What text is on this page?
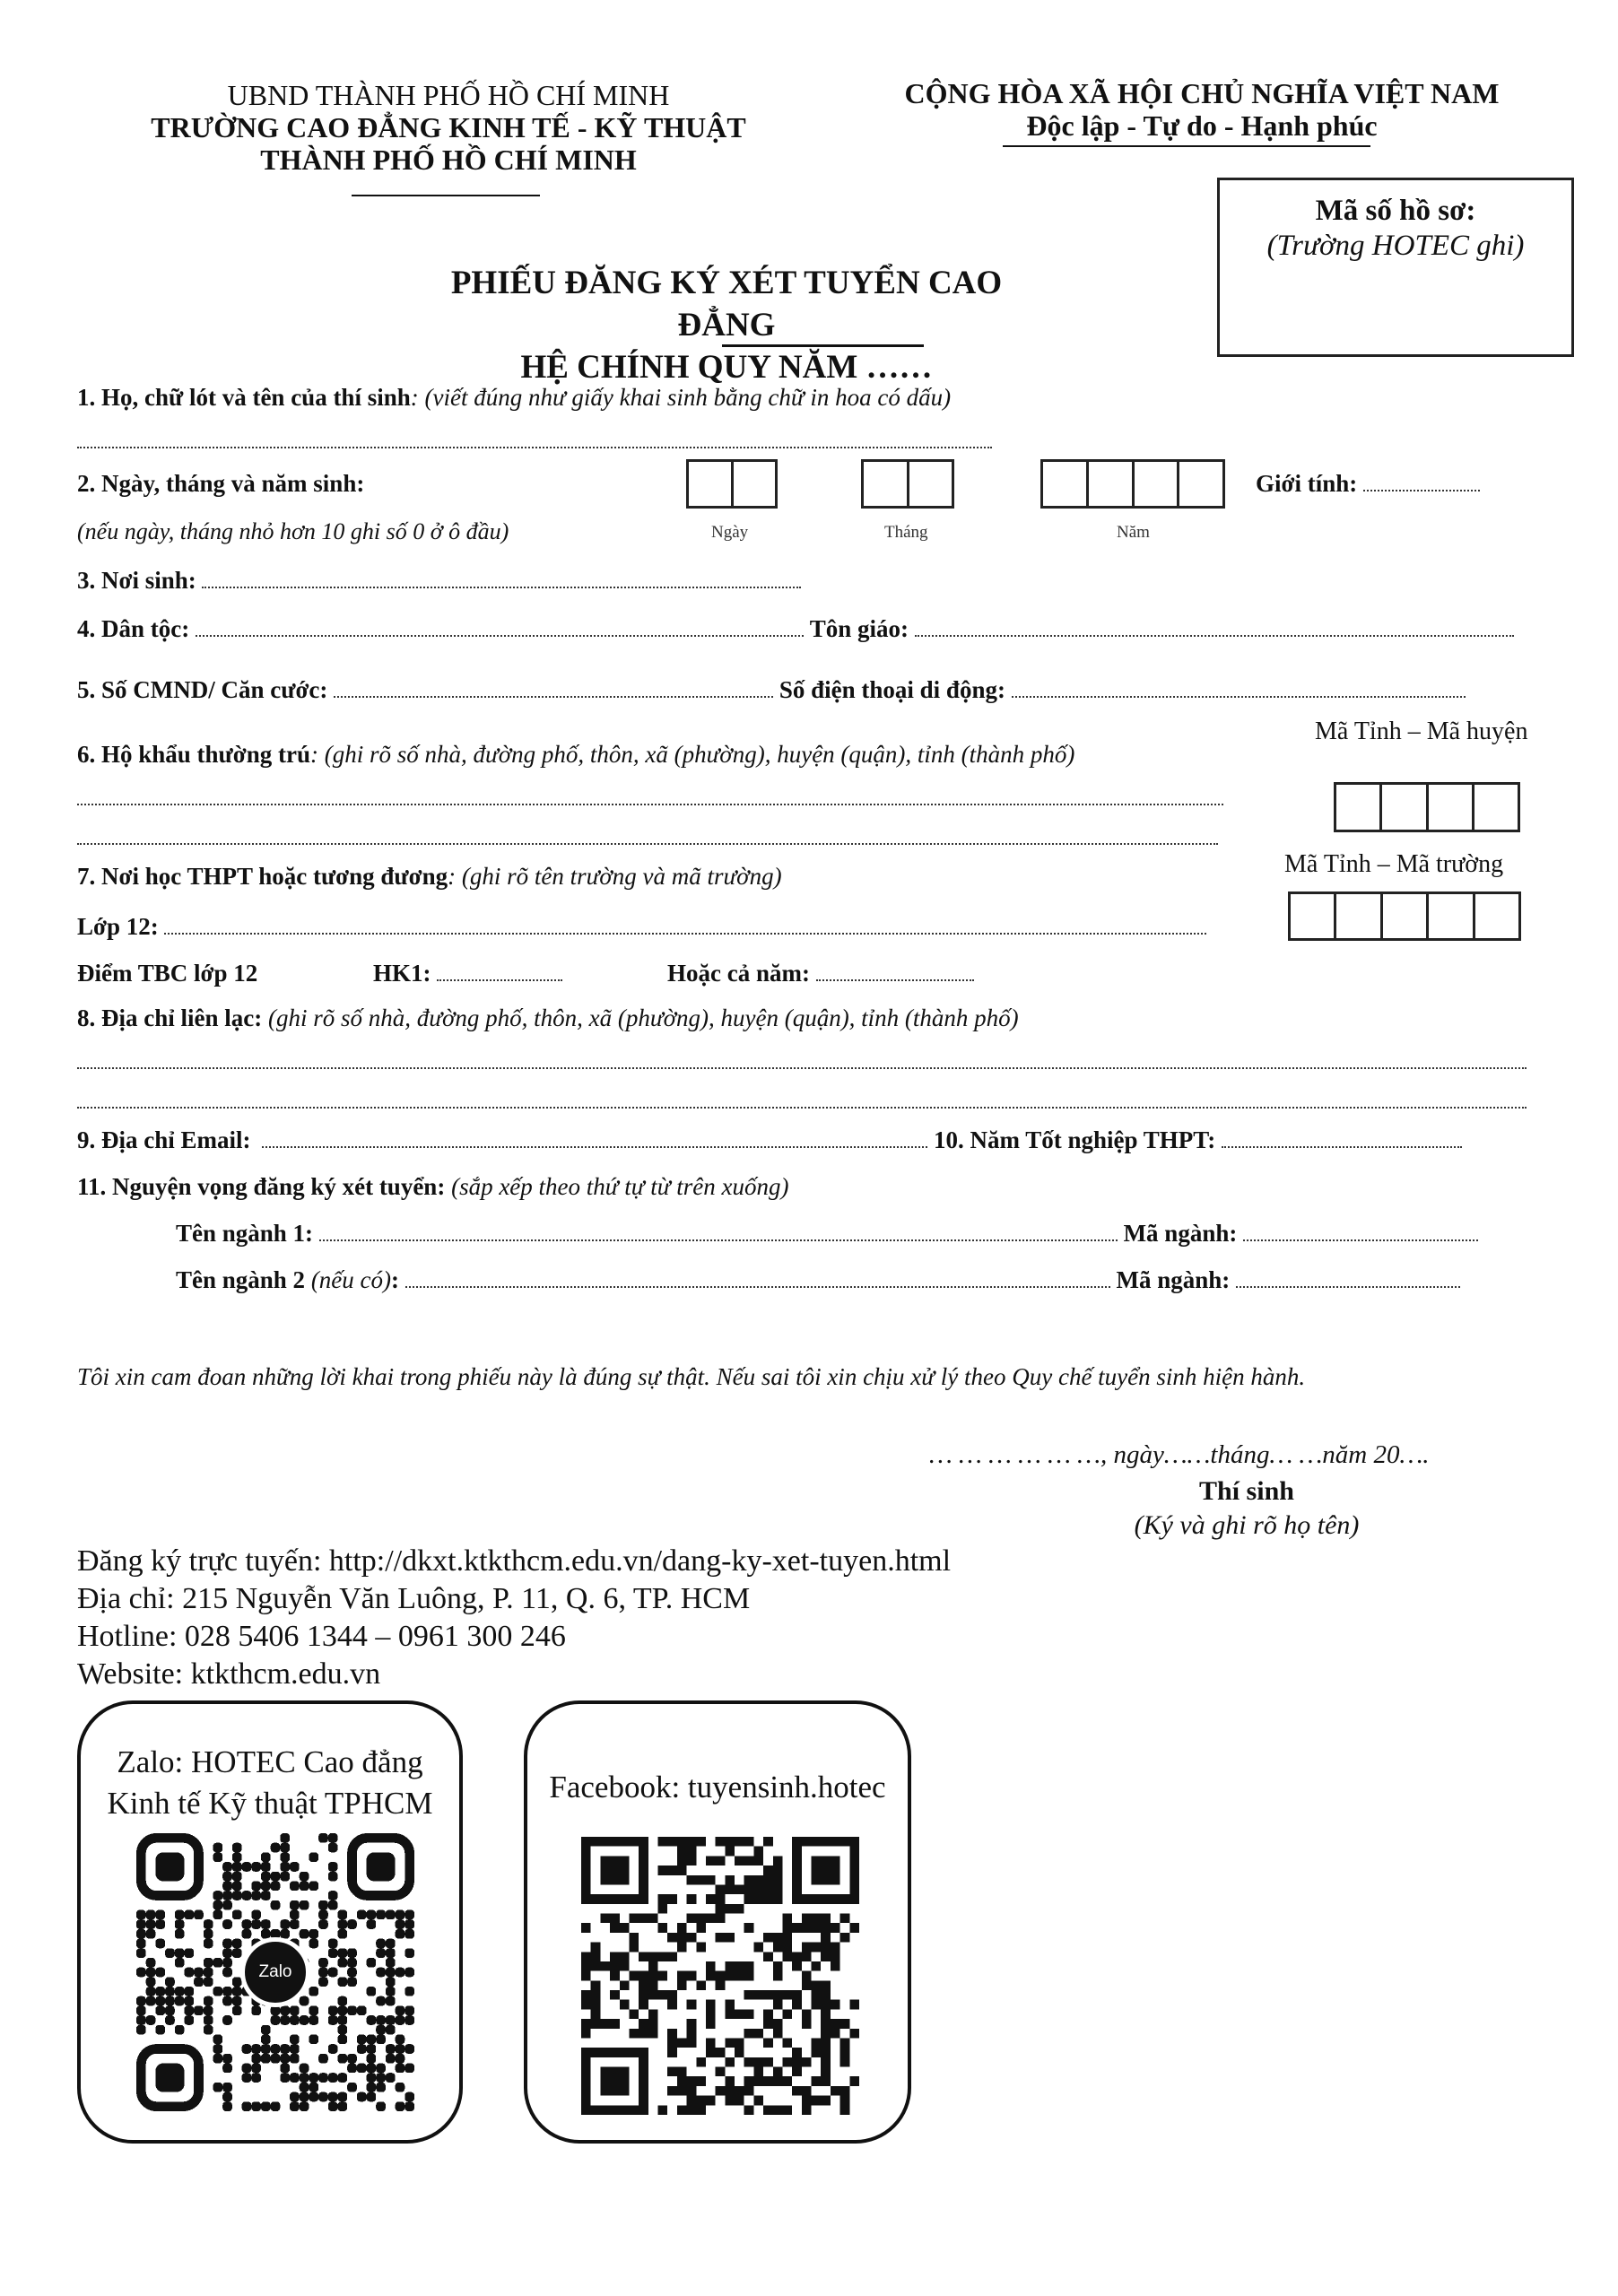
UBND THÀNH PHỐ HỒ CHÍ MINH
TRƯỜNG CAO ĐẲNG KINH TẾ - KỸ THUẬT
THÀNH PHỐ HỒ CHÍ MINH
CỘNG HÒA XÃ HỘI CHỦ NGHĨA VIỆT NAM
Độc lập - Tự do - Hạnh phúc
Mã số hồ sơ:
(Trường HOTEC ghi)
PHIẾU ĐĂNG KÝ XÉT TUYỂN CAO ĐẲNG
HỆ CHÍNH QUY NĂM ……
1. Họ, chữ lót và tên của thí sinh: (viết đúng như giấy khai sinh bằng chữ in hoa có dấu)
2. Ngày, tháng và năm sinh:
(nếu ngày, tháng nhỏ hơn 10 ghi số 0 ở ô đầu)	Ngày	Tháng	Năm
Giới tính:
3. Nơi sinh:
4. Dân tộc:	Tôn giáo:
5. Số CMND/ Căn cước:	Số điện thoại di động:
6. Hộ khẩu thường trú: (ghi rõ số nhà, đường phố, thôn, xã (phường), huyện (quận), tỉnh (thành phố)
Mã Tỉnh – Mã huyện
7. Nơi học THPT hoặc tương đương: (ghi rõ tên trường và mã trường)	Mã Tỉnh – Mã trường
Lớp 12:
Điểm TBC lớp 12	HK1:	Hoặc cả năm:
8. Địa chỉ liên lạc: (ghi rõ số nhà, đường phố, thôn, xã (phường), huyện (quận), tỉnh (thành phố)
9. Địa chỉ Email:	10. Năm Tốt nghiệp THPT:
11. Nguyện vọng đăng ký xét tuyển: (sắp xếp theo thứ tự từ trên xuống)
Tên ngành 1:	Mã ngành:
Tên ngành 2 (nếu có):	Mã ngành:
Tôi xin cam đoan những lời khai trong phiếu này là đúng sự thật. Nếu sai tôi xin chịu xử lý theo Quy chế tuyển sinh hiện hành.
… … … … … …, ngày……tháng… …năm 20….
Thí sinh
(Ký và ghi rõ họ tên)
Đăng ký trực tuyến: http://dkxt.ktkthcm.edu.vn/dang-ky-xet-tuyen.html
Địa chỉ: 215 Nguyễn Văn Luông, P. 11, Q. 6, TP. HCM
Hotline: 028 5406 1344 – 0961 300 246
Website: ktkthcm.edu.vn
Zalo: HOTEC Cao đẳng
Kinh tế Kỹ thuật TPHCM
Zalo
Facebook: tuyensinh.hotec
